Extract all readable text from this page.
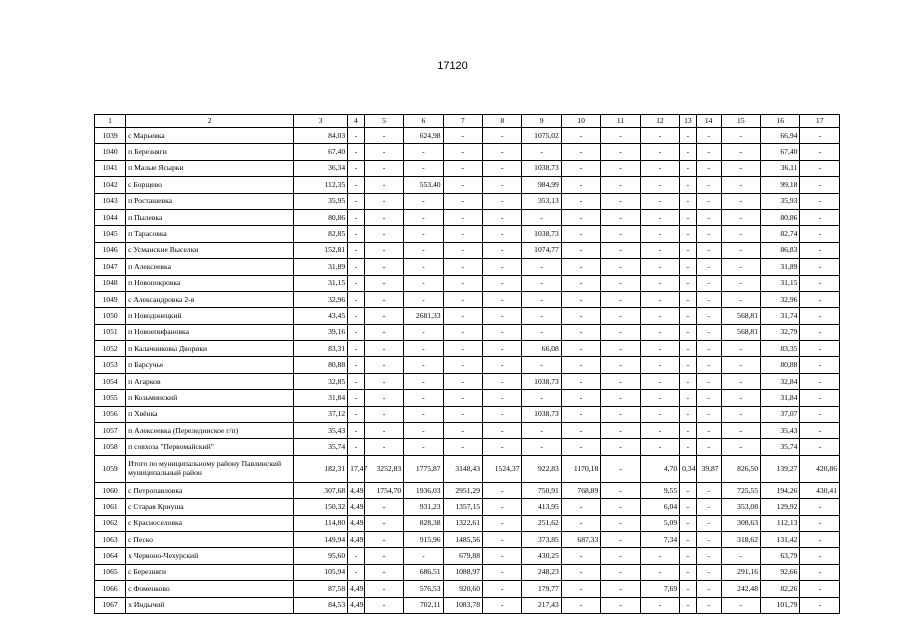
17120
1	2	3	4	5	6	7	8	9	10	11	12	13	14	15	16	17
1039	с Марьевка	84,03	-	-	624,98	-	-	1075,02	-	-	-	-	-	-	66,94	-
1040	п Березняги	67,40	-	-	-	-	-	-	-	-	-	-	-	-	67,40	-
1041	п Малые Ясырки	36,34	-	-	-	-	-	1038,73	-	-	-	-	-	-	36,11	-
1042	с Борщево	112,35	-	-	553,40	-	-	984,99	-	-	-	-	-	-	99,18	-
1043	п Росташевка	35,95	-	-	-	-	-	353,13	-	-	-	-	-	-	35,93	-
1044	п Пылевка	80,86	-	-	-	-	-	-	-	-	-	-	-	-	80,86	-
1045	п Тарасовка	82,85	-	-	-	-	-	1038,73	-	-	-	-	-	-	82,74	-
1046	с Усманские Выселки	152,81	-	-	-	-	-	1074,77	-	-	-	-	-	-	86,83	-
1047	п Алексеевка	31,89	-	-	-	-	-	-	-	-	-	-	-	-	31,89	-
1048	п Новопокровка	31,15	-	-	-	-	-	-	-	-	-	-	-	-	31,15	-
1049	с Александровка 2-я	32,96	-	-	-	-	-	-	-	-	-	-	-	-	32,96	-
1050	п Новодонецкий	43,45	-	-	2681,33	-	-	-	-	-	-	-	-	568,81	31,74	-
1051	п Новоепифановка	39,16	-	-	-	-	-	-	-	-	-	-	-	568,81	32,79	-
1052	п Калачниковы Дворики	83,31	-	-	-	-	-	66,08	-	-	-	-	-	-	83,35	-
1053	п Барсучье	80,88	-	-	-	-	-	-	-	-	-	-	-	-	80,88	-
1054	п Агарков	32,85	-	-	-	-	-	1038,73	-	-	-	-	-	-	32,84	-
1055	п Козьминский	31,84	-	-	-	-	-	-	-	-	-	-	-	-	31,84	-
1056	п Хвёнка	37,12	-	-	-	-	-	1038,73	-	-	-	-	-	-	37,07	-
1057	п Алексеевка (Переледниское г/п)	35,43	-	-	-	-	-	-	-	-	-	-	-	-	35,43	-
1058	п совхоза "Первомайский"	35,74	-	-	-	-	-	-	-	-	-	-	-	-	35,74	-
1059	Итого по муниципальному району Павлинский муниципальный район	182,31	17,47	3252,83	1775,87	3148,43	1524,37	922,83	1170,18	-	4,70	0,34	39,87	826,50	139,27	420,86
1060	с Петропавловка	307,68	4,49	1754,70	1936,03	2951,29	-	750,91	768,89	-	9,55	-	-	725,55	194,26	430,41
1061	с Старая Криуша	150,32	4,49	-	931,23	1357,15	-	413,95	-	-	6,04	-	-	353,08	129,92	-
1062	с Красноселовка	114,80	4,49	-	828,38	1322,61	-	251,62	-	-	5,09	-	-	308,63	112,13	-
1063	с Песко	149,94	4,49	-	915,96	1485,56	-	373,85	687,33	-	7,34	-	-	318,62	131,42	-
1064	х Червоно-Чехурский	95,60	-	-	-	679,88	-	430,25	-	-	-	-	-	-	63,79	-
1065	с Березняги	105,94	-	-	686,51	1088,97	-	248,23	-	-	-	-	-	291,16	92,66	-
1066	с Фоменково	87,58	4,49	-	576,53	920,60	-	179,77	-	-	7,69	-	-	242,48	82,26	-
1067	х Индычий	84,53	4,49	-	702,11	1083,78	-	217,43	-	-	-	-	-	-	101,79	-
